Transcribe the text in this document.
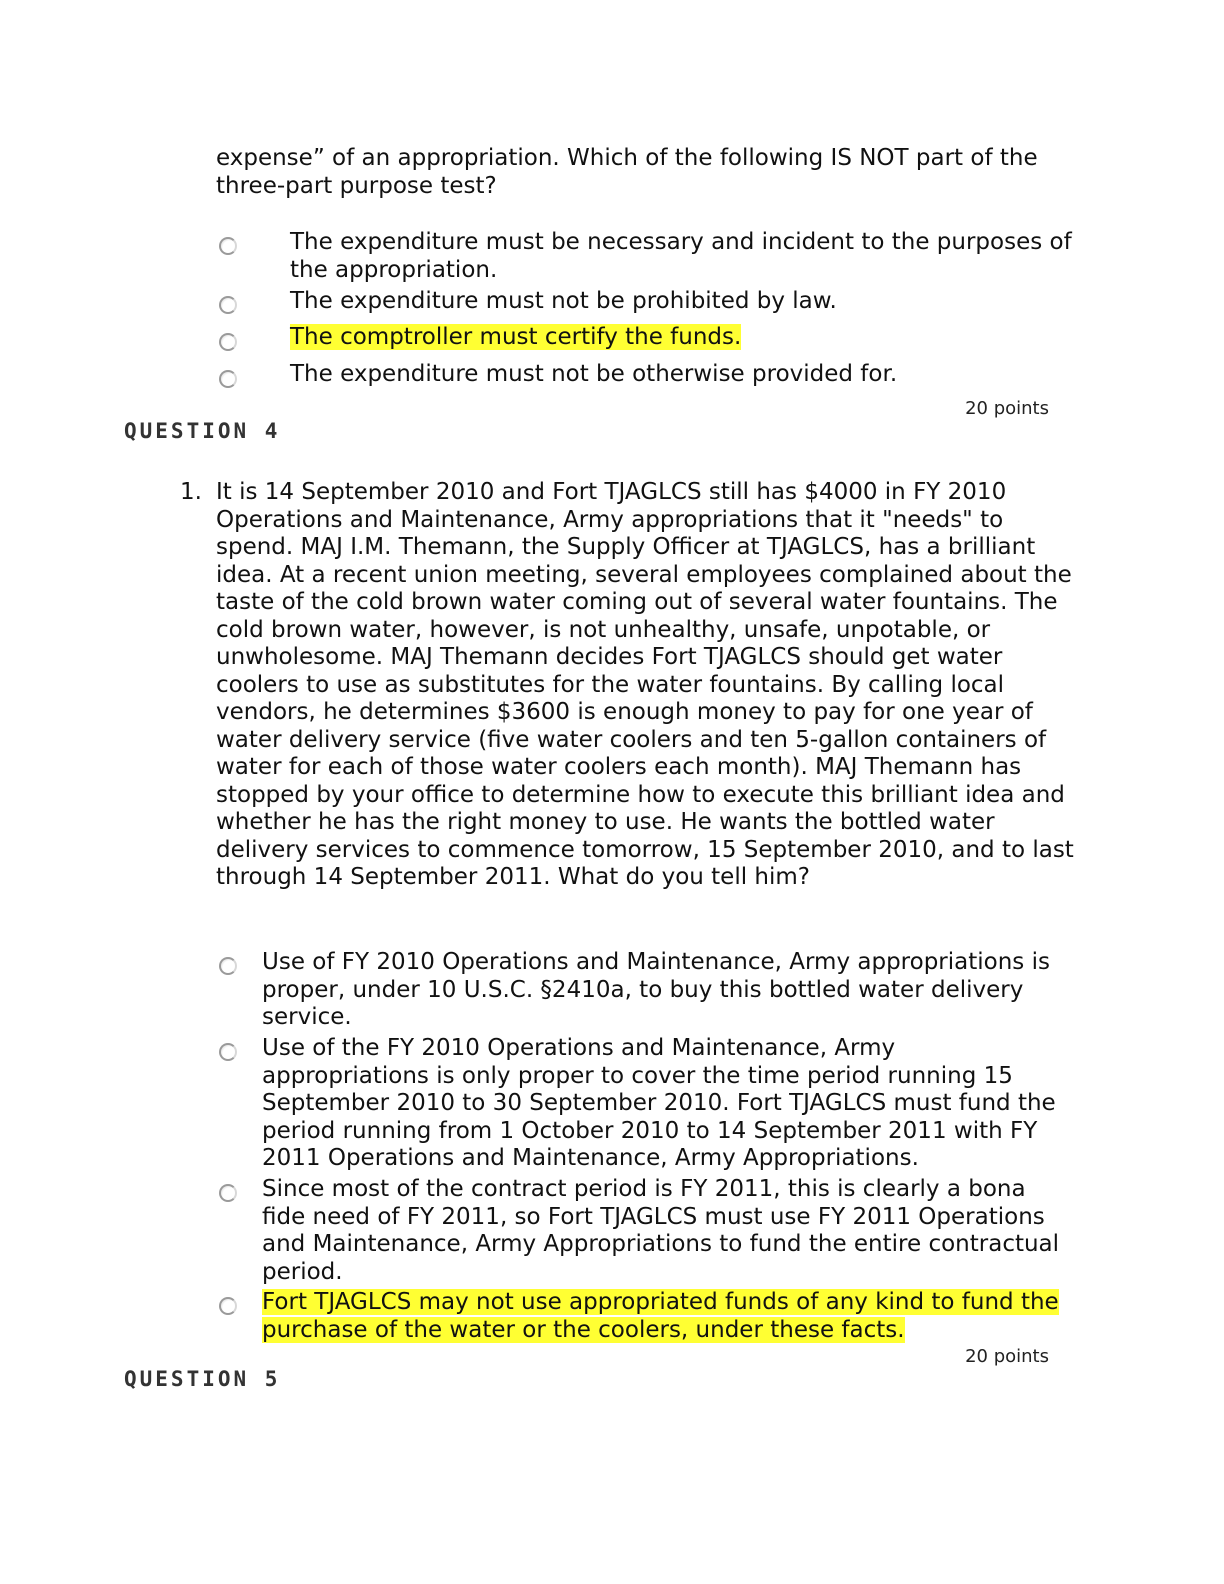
expense” of an appropriation. Which of the following IS NOT part of the three-part purpose test?
The expenditure must be necessary and incident to the purposes of the appropriation.
The expenditure must not be prohibited by law.
The comptroller must certify the funds.
The expenditure must not be otherwise provided for.
20 points
QUESTION 4
1. It is 14 September 2010 and Fort TJAGLCS still has $4000 in FY 2010 Operations and Maintenance, Army appropriations that it "needs" to spend. MAJ I.M. Themann, the Supply Officer at TJAGLCS, has a brilliant idea. At a recent union meeting, several employees complained about the taste of the cold brown water coming out of several water fountains. The cold brown water, however, is not unhealthy, unsafe, unpotable, or unwholesome. MAJ Themann decides Fort TJAGLCS should get water coolers to use as substitutes for the water fountains. By calling local vendors, he determines $3600 is enough money to pay for one year of water delivery service (five water coolers and ten 5-gallon containers of water for each of those water coolers each month). MAJ Themann has stopped by your office to determine how to execute this brilliant idea and whether he has the right money to use. He wants the bottled water delivery services to commence tomorrow, 15 September 2010, and to last through 14 September 2011. What do you tell him?
Use of FY 2010 Operations and Maintenance, Army appropriations is proper, under 10 U.S.C. §2410a, to buy this bottled water delivery service.
Use of the FY 2010 Operations and Maintenance, Army appropriations is only proper to cover the time period running 15 September 2010 to 30 September 2010. Fort TJAGLCS must fund the period running from 1 October 2010 to 14 September 2011 with FY 2011 Operations and Maintenance, Army Appropriations.
Since most of the contract period is FY 2011, this is clearly a bona fide need of FY 2011, so Fort TJAGLCS must use FY 2011 Operations and Maintenance, Army Appropriations to fund the entire contractual period.
Fort TJAGLCS may not use appropriated funds of any kind to fund the purchase of the water or the coolers, under these facts.
20 points
QUESTION 5
